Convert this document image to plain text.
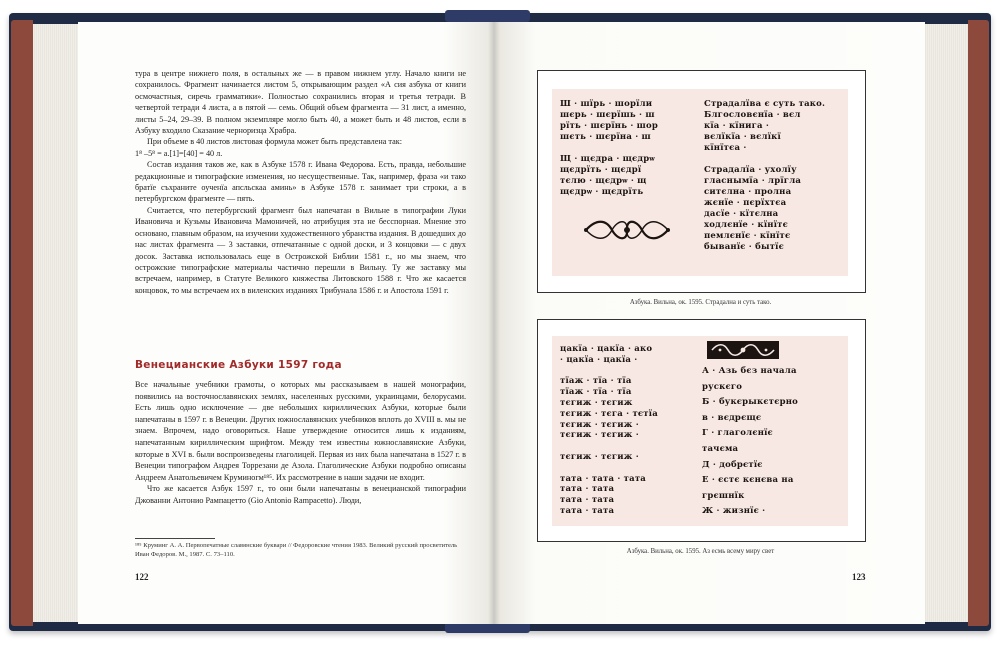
тура в центре нижнего поля, в остальных же — в правом нижнем углу. Начало книги не сохранилось. Фрагмент начинается листом 5, открывающим раздел «А сия азбука от книги осмочастныя, сиречь грамматики». Полностью сохранились вторая и третья тетради. В четвертой тетради 4 листа, а в пятой — семь. Общий объем фрагмента — 31 лист, а именно, листы 5–24, 29–39. В полном экземпляре могло быть 40, а может быть и 48 листов, если в Азбуку входило Сказание черноризца Храбра.

При объеме в 40 листов листовая формула может быть представлена так:

1⁸ –5⁸ = a.[1]=[40] = 40 л.

Состав издания таков же, как в Азбуке 1578 г. Ивана Федорова. Есть, правда, небольшие редакционные и типографские изменения, но несущественные. Так, например, фраза «и тако братїе съхраните оученїа апсльскаа аминь» в Азбуке 1578 г. занимает три строки, а в петербургском фрагменте — пять.

Считается, что петербургский фрагмент был напечатан в Вильне в типографии Луки Ивановича и Кузьмы Ивановича Мамоничей, но атрибуция эта не бесспорная. Мнение это основано, главным образом, на изучении художественного убранства издания. В дошедших до нас листах фрагмента — 3 заставки, отпечатанные с одной доски, и 3 концовки — с двух досок. Заставка использовалась еще в Острожской Библии 1581 г., но мы знаем, что острожские типографские материалы частично перешли в Вильну. Ту же заставку мы встречаем, например, в Статуте Великого княжества Литовского 1588 г. Что же касается концовок, то мы встречаем их в виленских изданиях Трибунала 1586 г. и Апостола 1591 г.

Венецианские Азбуки 1597 года

Все начальные учебники грамоты, о которых мы рассказываем в нашей монографии, появились на восточнославянских землях, населенных русскими, украинцами, белорусами. Есть лишь одно исключение — две небольших кириллических Азбуки, которые были напечатаны в 1597 г. в Венеции. Других южнославянских учебников вплоть до XVIII в. мы не знаем. Впрочем, надо оговориться. Наше утверждение относится лишь к изданиям, напечатанным кириллическим шрифтом. Между тем известны южнославянские Азбуки, которые в XVI в. были воспроизведены глаголицей. Первая из них была напечатана в 1527 г. в Венеции типографом Андрея Торрезани де Азола. Глаголические Азбуки подробно описаны Андреем Анатольевичем Круминогм¹⁸⁵. Их рассмотрение в наши задачи не входит.

Что же касается Азбук 1597 г., то они были напечатаны в венецианской типографии Джованни Антонио Рампацетто (Gio Antonio Rampacetto). Люди,

¹⁸⁵ Круминг А. А. Первопечатные славянские буквари // Федоровские чтения 1983. Великий русский просветитель Иван Федоров. М., 1987. С. 73–110.
122
Ш · шїрь · шорїли
шєрь · шєрїшь · ш
рїть · шєрїнь · шор
шєть · шєрїна · ш

Щ · щєдра · щєдрѡ
щєдрїть · щєдрї
тєлю · щєдрѡ · щ
щєдрѡ · щєдрїть
Страдалїва є суть тако.
Блгословєнїа · вєл
кїа · кїнига ·
вєлїкїа · вєлїкї
кїнїтєа ·

Страдалїа · ухолїу
гласнымїа · лрїгла
ситєлна · пролна
жєнїе · пєрїхтєа
дасїе · кїтєлна
ходлєнїе · кїнїтє
пемлєнїє · кїнїтє
быванїє · бытїє
Азбука. Вильна, ок. 1595. Страдална и суть тако.
цакїа · цакїа · ако
· цакїа · цакїа ·

тїаж · тїа · тїа
тїаж · тїа · тїа
тєгиж · тєгиж
тєгиж · тєга · тєтїа
тєгиж · тєгиж ·
тєгиж · тєгиж ·

тєгиж · тєгиж ·

тата · тата · тата
тата · тата
тата · тата
тата · тата
А · Азь бєз начала
рускєго
Б · букєрыкєтєрно
в · вєдрєщє
Г · глаголєнїє
тачєма
Д · добрєтїє
Е · єстє кєнєва на
грєшнїк
Ж · жизнїє ·
Азбука. Вильна, ок. 1595. Аз есмь всему миру свет
123
